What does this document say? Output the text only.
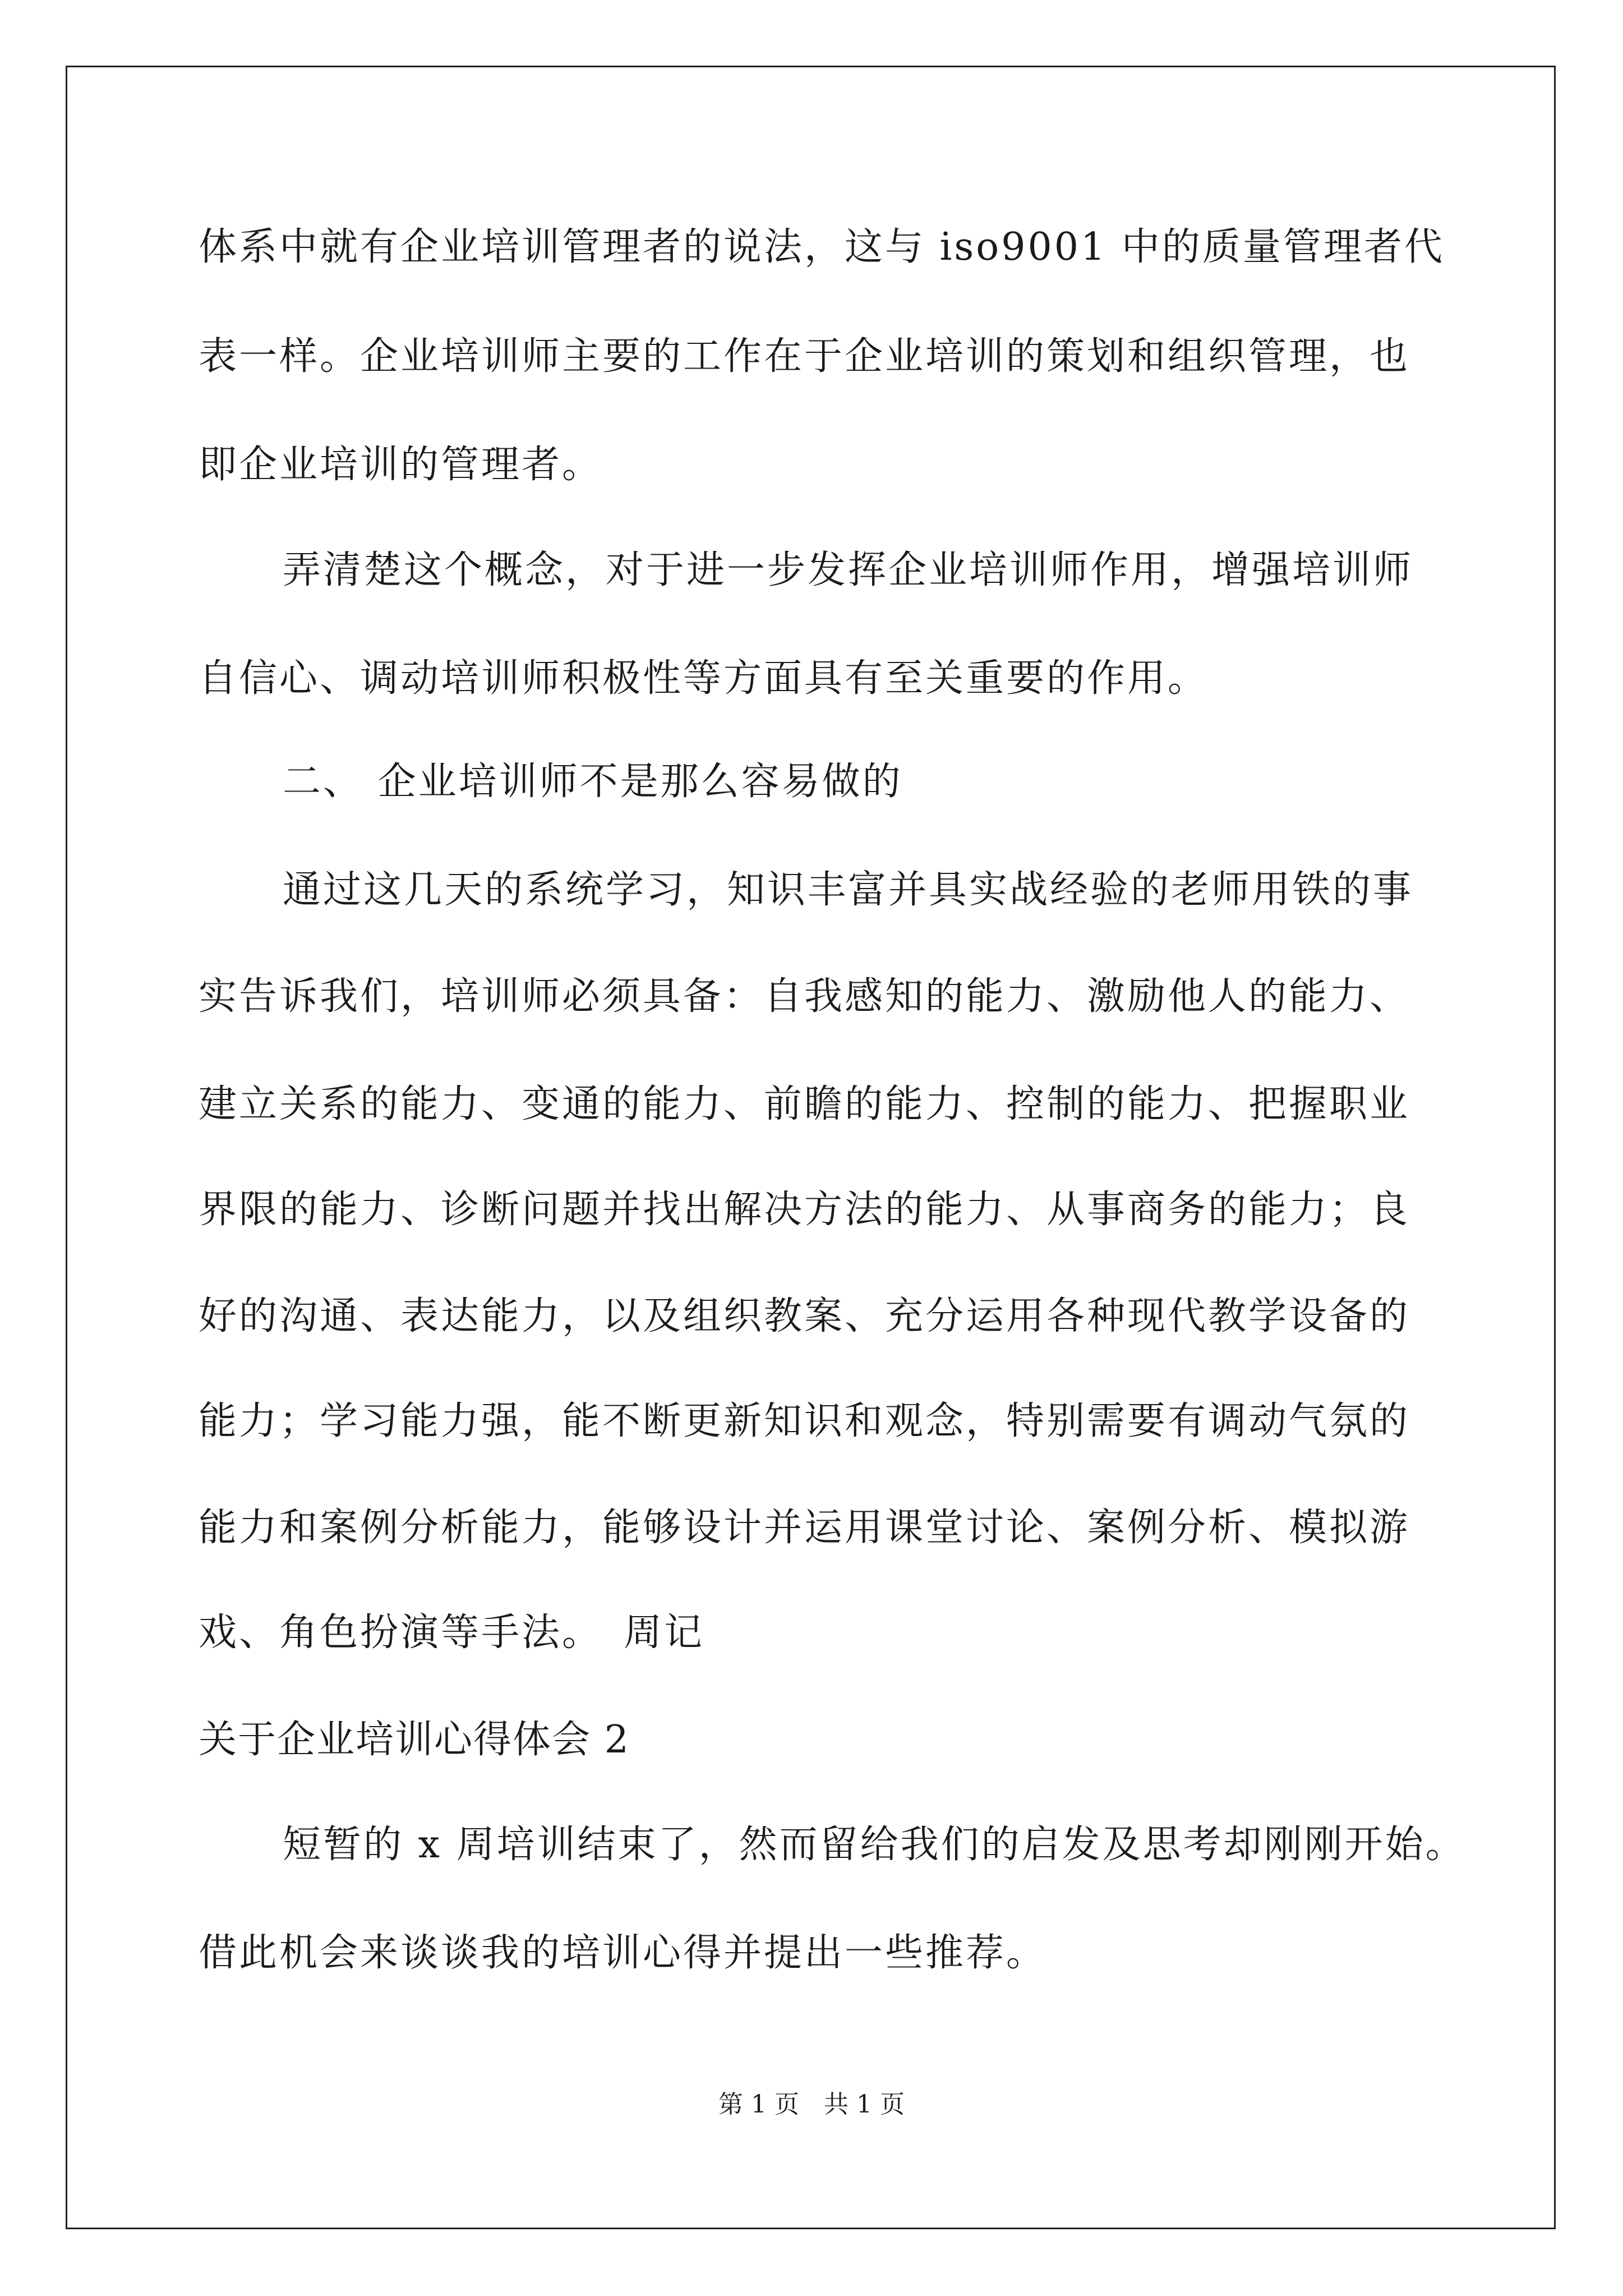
体系中就有企业培训管理者的说法，这与 iso9001 中的质量管理者代
表一样。企业培训师主要的工作在于企业培训的策划和组织管理，也
即企业培训的管理者。
弄清楚这个概念，对于进一步发挥企业培训师作用，增强培训师
自信心、调动培训师积极性等方面具有至关重要的作用。
二、 企业培训师不是那么容易做的
通过这几天的系统学习，知识丰富并具实战经验的老师用铁的事
实告诉我们，培训师必须具备：自我感知的能力、激励他人的能力、
建立关系的能力、变通的能力、前瞻的能力、控制的能力、把握职业
界限的能力、诊断问题并找出解决方法的能力、从事商务的能力；良
好的沟通、表达能力，以及组织教案、充分运用各种现代教学设备的
能力；学习能力强，能不断更新知识和观念，特别需要有调动气氛的
能力和案例分析能力，能够设计并运用课堂讨论、案例分析、模拟游
戏、角色扮演等手法。　周记
关于企业培训心得体会 2
短暂的 x 周培训结束了，然而留给我们的启发及思考却刚刚开始。
借此机会来谈谈我的培训心得并提出一些推荐。
第 1 页　共 1 页
